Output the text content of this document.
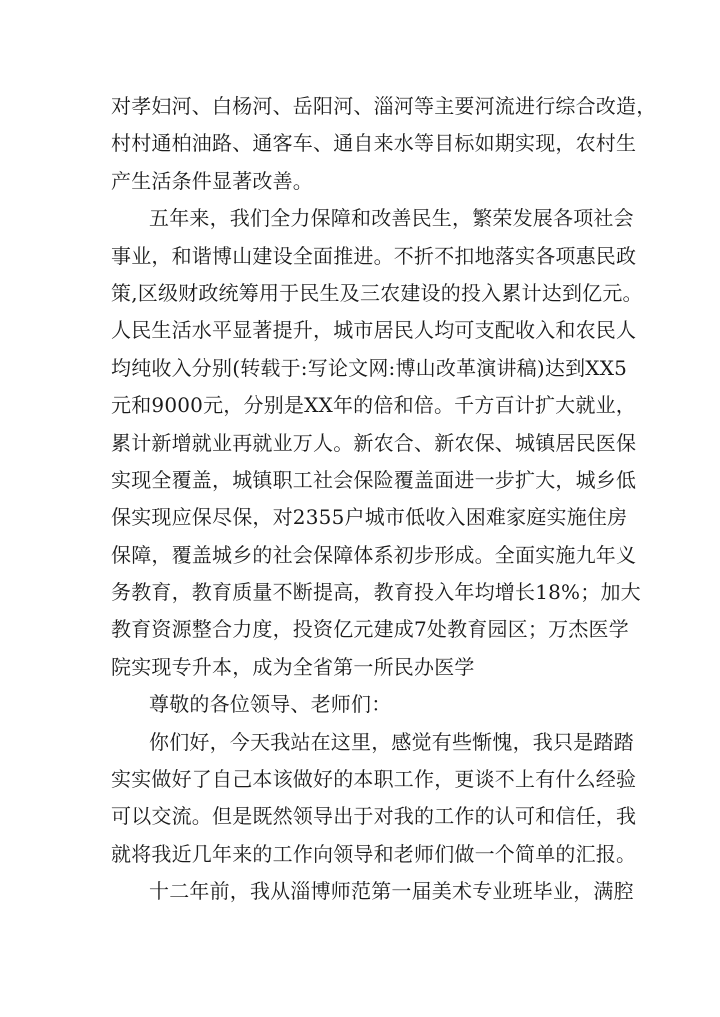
对孝妇河、白杨河、岳阳河、淄河等主要河流进行综合改造，
村村通柏油路、通客车、通自来水等目标如期实现，农村生
产生活条件显著改善。
五年来，我们全力保障和改善民生，繁荣发展各项社会
事业，和谐博山建设全面推进。不折不扣地落实各项惠民政
策,区级财政统筹用于民生及三农建设的投入累计达到亿元。
人民生活水平显著提升，城市居民人均可支配收入和农民人
均纯收入分别(转载于:写论文网:博山改革演讲稿)达到XX5
元和9000元，分别是XX年的倍和倍。千方百计扩大就业，
累计新增就业再就业万人。新农合、新农保、城镇居民医保
实现全覆盖，城镇职工社会保险覆盖面进一步扩大，城乡低
保实现应保尽保，对2355户城市低收入困难家庭实施住房
保障，覆盖城乡的社会保障体系初步形成。全面实施九年义
务教育，教育质量不断提高，教育投入年均增长18%；加大
教育资源整合力度，投资亿元建成7处教育园区；万杰医学
院实现专升本，成为全省第一所民办医学
尊敬的各位领导、老师们：
你们好，今天我站在这里，感觉有些惭愧，我只是踏踏
实实做好了自己本该做好的本职工作，更谈不上有什么经验
可以交流。但是既然领导出于对我的工作的认可和信任，我
就将我近几年来的工作向领导和老师们做一个简单的汇报。
十二年前，我从淄博师范第一届美术专业班毕业，满腔
